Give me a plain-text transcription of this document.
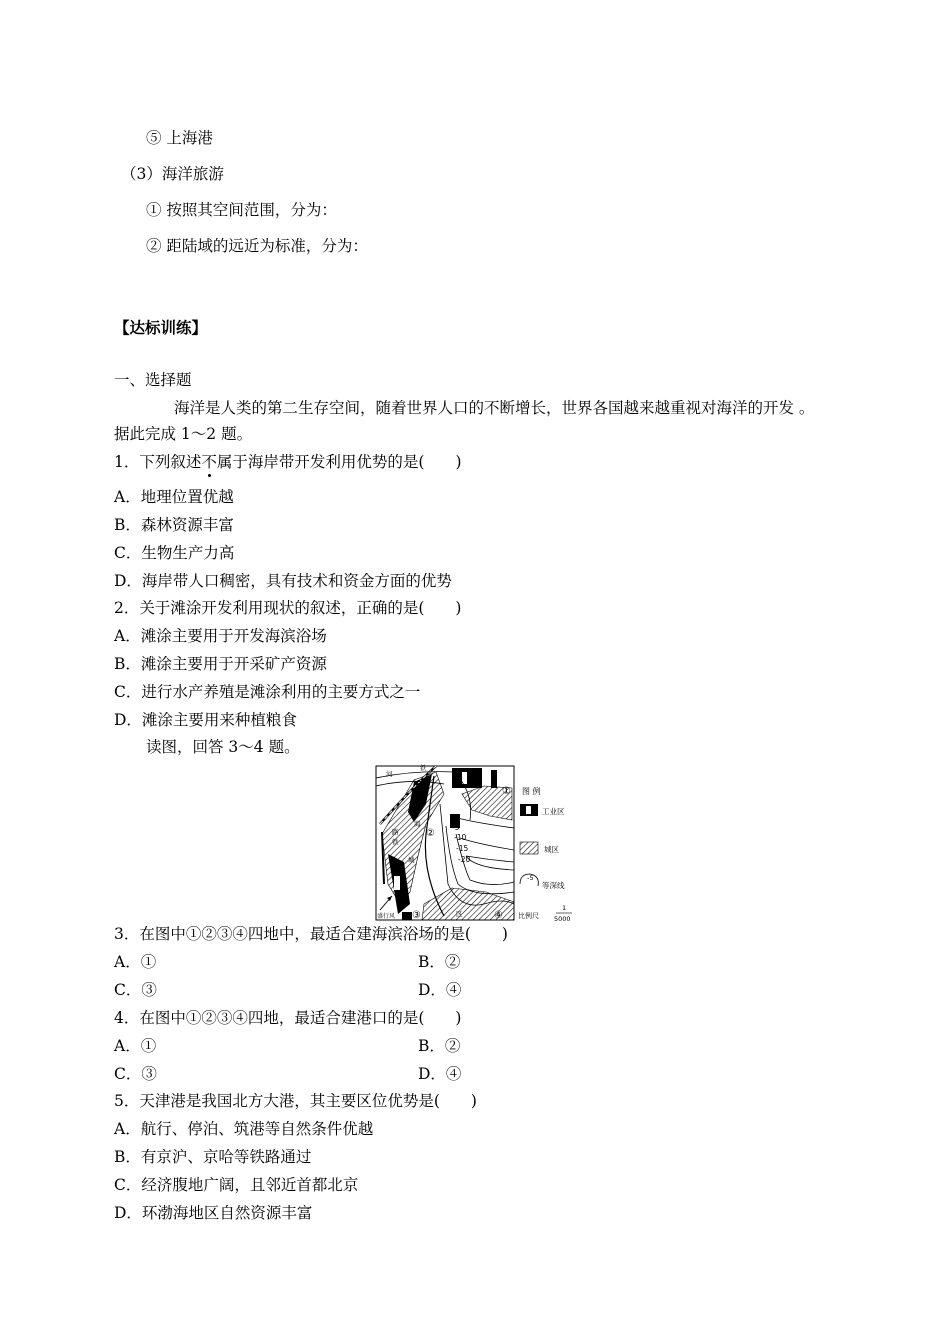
⑤ 上海港
（3）海洋旅游
① 按照其空间范围，分为：
② 距陆域的远近为标准，分为：
【达标训练】
一、选择题
海洋是人类的第二生存空间，随着世界人口的不断增长，世界各国越来越重视对海洋的开发 。
据此完成 1～2 题。
1．下列叙述不属于海岸带开发利用优势的是(　　)
A．地理位置优越
B．森林资源丰富
C．生物生产力高
D．海岸带人口稠密，具有技术和资金方面的优势
2．关于滩涂开发利用现状的叙述，正确的是(　　)
A．滩涂主要用于开发海滨浴场
B．滩涂主要用于开采矿产资源
C．进行水产养殖是滩涂利用的主要方式之一
D．滩涂主要用来种植粮食
读图，回答 3～4 题。
-5
-10
-15
-20
①
②
③	④
河
铁
路
铁
海
城
区
盛行风
图 例
工业区
城区
-5
等深线
比例尺
1
5000
3．在图中①②③④四地中，最适合建海滨浴场的是(　　)
A．①	B．②
C．③	D．④
4．在图中①②③④四地，最适合建港口的是(　　)
A．①	B．②
C．③	D．④
5．天津港是我国北方大港，其主要区位优势是(　　)
A．航行、停泊、筑港等自然条件优越
B．有京沪、京哈等铁路通过
C．经济腹地广阔，且邻近首都北京
D．环渤海地区自然资源丰富
